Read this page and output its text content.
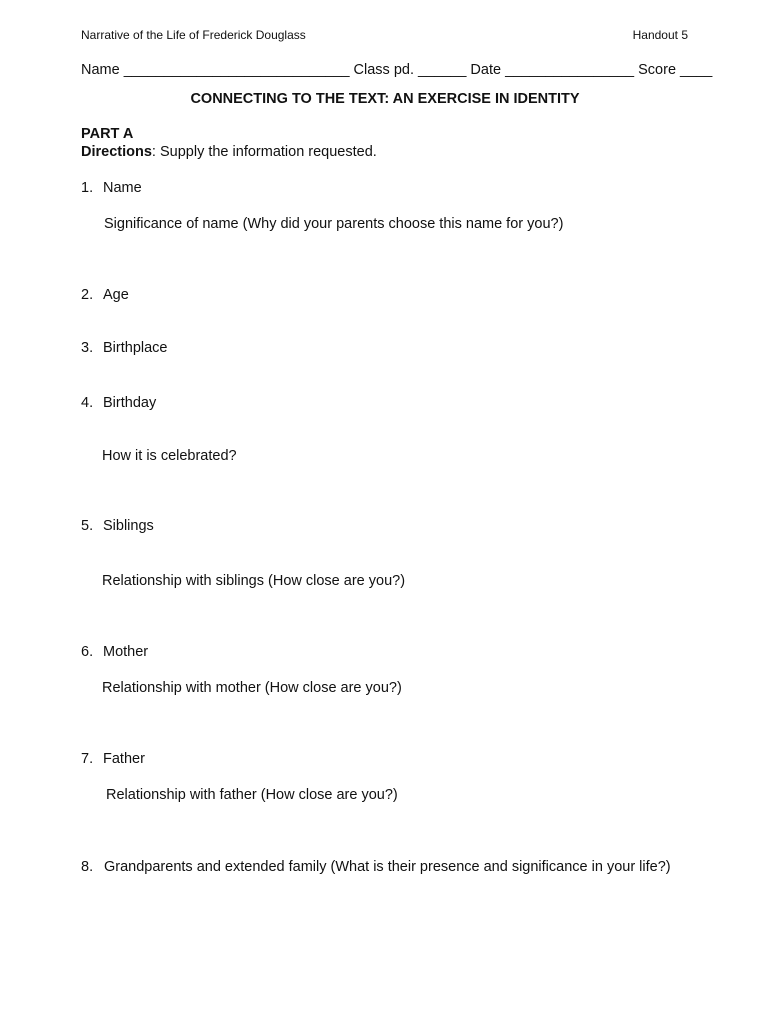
Narrative of the Life of Frederick Douglass	Handout 5
Name ____________________________ Class pd. ______ Date ________________ Score ____
CONNECTING TO THE TEXT: AN EXERCISE IN IDENTITY
PART A
Directions: Supply the information requested.
1. Name
Significance of name (Why did your parents choose this name for you?)
2. Age
3. Birthplace
4. Birthday
How it is celebrated?
5. Siblings
Relationship with siblings (How close are you?)
6. Mother
Relationship with mother (How close are you?)
7. Father
Relationship with father (How close are you?)
8. Grandparents and extended family (What is their presence and significance in your life?)
